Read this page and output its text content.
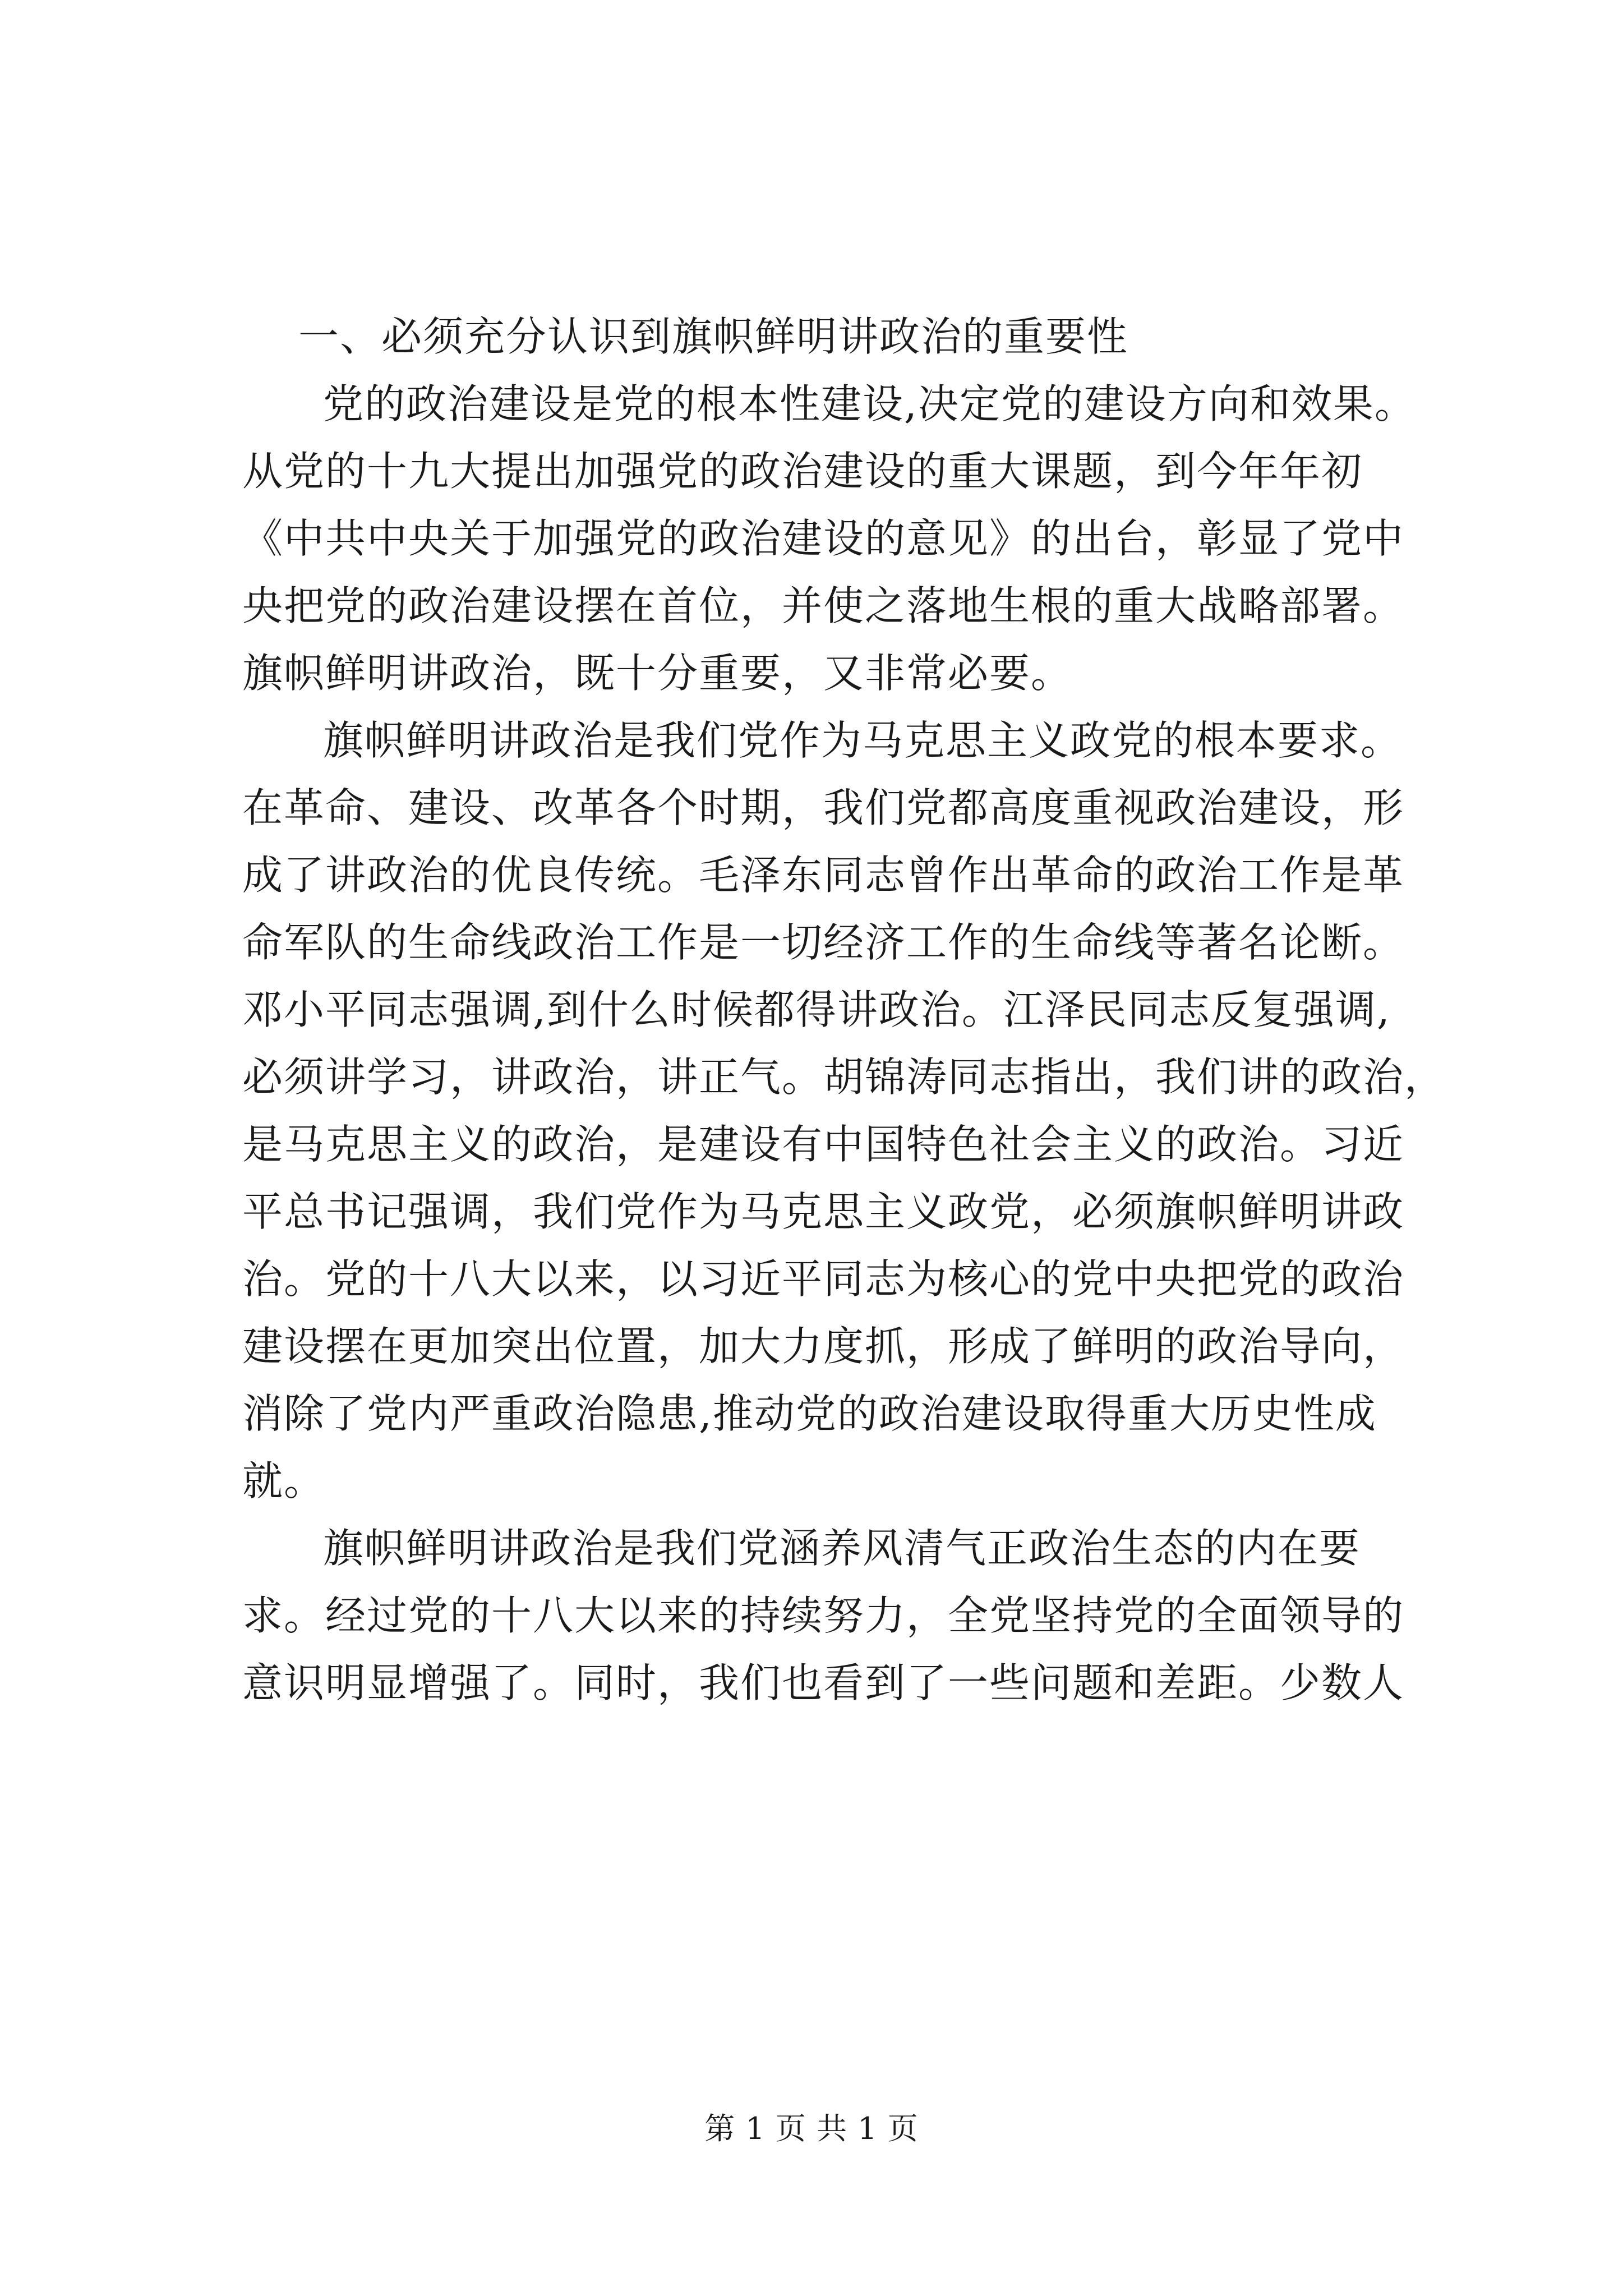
一、必须充分认识到旗帜鲜明讲政治的重要性
党的政治建设是党的根本性建设,决定党的建设方向和效果。
从党的十九大提出加强党的政治建设的重大课题，到今年年初
《中共中央关于加强党的政治建设的意见》的出台，彰显了党中
央把党的政治建设摆在首位，并使之落地生根的重大战略部署。
旗帜鲜明讲政治，既十分重要，又非常必要。
旗帜鲜明讲政治是我们党作为马克思主义政党的根本要求。
在革命、建设、改革各个时期，我们党都高度重视政治建设，形
成了讲政治的优良传统。毛泽东同志曾作出革命的政治工作是革
命军队的生命线政治工作是一切经济工作的生命线等著名论断。
邓小平同志强调,到什么时候都得讲政治。江泽民同志反复强调,
必须讲学习，讲政治，讲正气。胡锦涛同志指出，我们讲的政治，
是马克思主义的政治，是建设有中国特色社会主义的政治。习近
平总书记强调，我们党作为马克思主义政党，必须旗帜鲜明讲政
治。党的十八大以来，以习近平同志为核心的党中央把党的政治
建设摆在更加突出位置，加大力度抓，形成了鲜明的政治导向，
消除了党内严重政治隐患,推动党的政治建设取得重大历史性成
就。
旗帜鲜明讲政治是我们党涵养风清气正政治生态的内在要
求。经过党的十八大以来的持续努力，全党坚持党的全面领导的
意识明显增强了。同时，我们也看到了一些问题和差距。少数人
第 1 页 共 1 页
